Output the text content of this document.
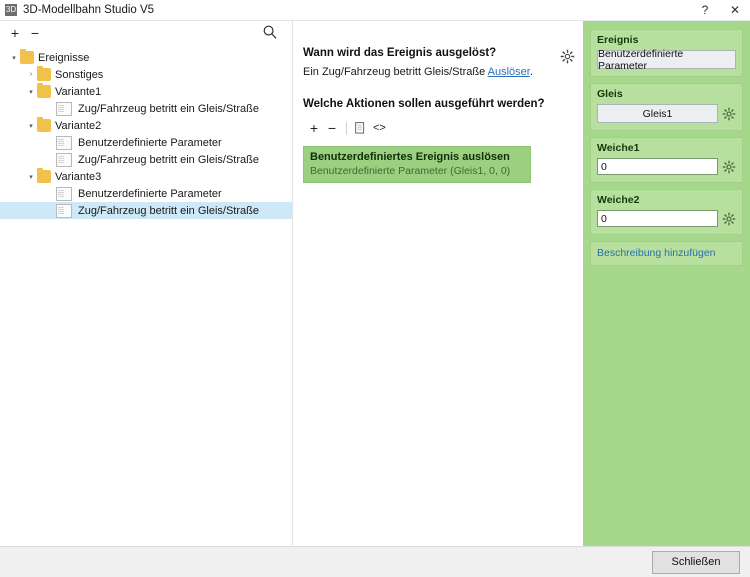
3D 3D-Modellbahn Studio V5	?	✕
+ −
▾	Ereignisse
›	Sonstiges
▾	Variante1
Zug/Fahrzeug betritt ein Gleis/Straße
▾	Variante2
Benutzerdefinierte Parameter
Zug/Fahrzeug betritt ein Gleis/Straße
▾	Variante3
Benutzerdefinierte Parameter
Zug/Fahrzeug betritt ein Gleis/Straße
Wann wird das Ereignis ausgelöst?
Ein Zug/Fahrzeug betritt Gleis/Straße Auslöser.
Welche Aktionen sollen ausgeführt werden?
+ −	<>
Benutzerdefiniertes Ereignis auslösen
Benutzerdefinierte Parameter (Gleis1, 0, 0)
Ereignis
Benutzerdefinierte Parameter
Gleis
Gleis1
Weiche1
0
Weiche2
0
Beschreibung hinzufügen
Schließen
